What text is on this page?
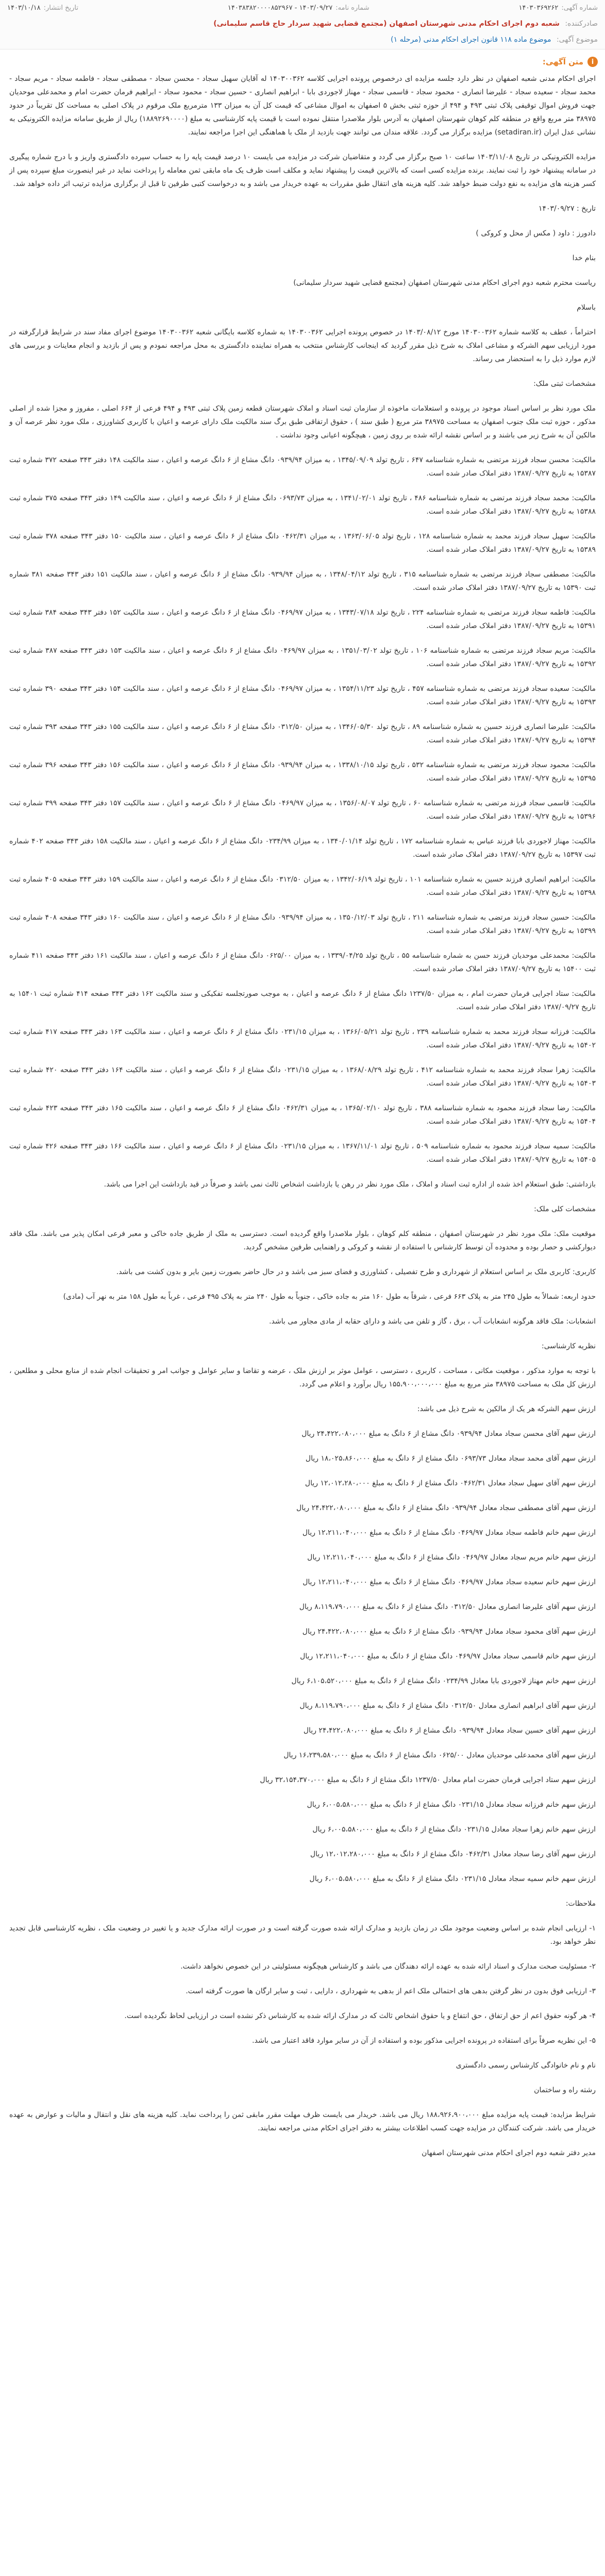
شماره آگهی:
۱۴۰۳۰۳۶۹۲۶۲
شماره نامه:
۱۴۰۳/۰۹/۲۷ - ۱۴۰۳۸۳۸۲۰۰۰۰۸۵۲۹۶۷
تاریخ انتشار:
۱۴۰۳/۱۰/۱۸
صادرکننده: شعبه دوم اجرای احکام مدنی شهرستان اصفهان (مجتمع قضایی شهید سردار حاج قاسم سلیمانی)
موضوع آگهی: موضوع ماده ۱۱۸ قانون اجرای احکام مدنی (مرحله ۱)
i
متن آگهی:

اجرای احکام مدنی شعبه اصفهان در نظر دارد جلسه مزایده ای درخصوص پرونده اجرایی کلاسه ۱۴۰۳۰۰۳۶۲ له آقایان سهیل سجاد - محسن سجاد - مصطفی سجاد - فاطمه سجاد - مریم سجاد - محمد سجاد - سعیده سجاد - علیرضا انصاری - محمود سجاد - قاسمی سجاد - مهناز لاجوردی بابا - ابراهیم انصاری - حسین سجاد - محمود سجاد - ابراهیم فرمان حضرت امام و محمدعلی موحدیان جهت فروش اموال توقیفی پلاک ثبتی ۴۹۳ و ۴۹۴ از حوزه ثبتی بخش ۵ اصفهان به اموال مشاعی که قیمت کل آن به میزان ۱۳۳ مترمربع ملک مرقوم در پلاک اصلی به مساحت کل تقریباً در حدود ۳۸۹۷۵ متر مربع واقع در منطقه کلم کوهان شهرستان اصفهان به آدرس بلوار ملاصدرا منتقل نموده است با قیمت پایه کارشناسی به مبلغ (۱۸۸۹۲۶۹۰۰۰۰) ریال از طریق سامانه مزایده الکترونیکی به نشانی عدل ایران (setadiran.ir) مزایده برگزار می گردد. علاقه مندان می توانند جهت بازدید از ملک با هماهنگی این اجرا مراجعه نمایند.

مزایده الکترونیکی در تاریخ ۱۴۰۳/۱۱/۰۸ ساعت ۱۰ صبح برگزار می گردد و متقاضیان شرکت در مزایده می بایست ۱۰ درصد قیمت پایه را به حساب سپرده دادگستری واریز و با درج شماره پیگیری در سامانه پیشنهاد خود را ثبت نمایند. برنده مزایده کسی است که بالاترین قیمت را پیشنهاد نماید و مکلف است ظرف یک ماه مابقی ثمن معامله را پرداخت نماید در غیر اینصورت مبلغ سپرده پس از کسر هزینه های مزایده به نفع دولت ضبط خواهد شد. کلیه هزینه های انتقال طبق مقررات به عهده خریدار می باشد و به درخواست کتبی طرفین تا قبل از برگزاری مزایده ترتیب اثر داده خواهد شد.

تاریخ : ۱۴۰۳/۰۹/۲۷

دادورز : داود ( مکس از محل و کروکی )

بنام خدا

ریاست محترم شعبه دوم اجرای احکام مدنی شهرستان اصفهان (مجتمع قضایی شهید سردار سلیمانی)

باسلام

احتراماً ، عطف به کلاسه شماره ۱۴۰۳۰۰۳۶۲ مورخ ۱۴۰۳/۰۸/۱۲ در خصوص پرونده اجرایی ۱۴۰۳۰۰۳۶۲ به شماره کلاسه بایگانی شعبه ۱۴۰۳۰۰۳۶۲ موضوع اجرای مفاد سند در شرایط قرارگرفته در مورد ارزیابی سهم الشرکه و مشاعی املاک به شرح ذیل مقرر گردید که اینجانب کارشناس منتخب به همراه نماینده دادگستری به محل مراجعه نمودم و پس از بازدید و انجام معاینات و بررسی های لازم موارد ذیل را به استحضار می رساند.

مشخصات ثبتی ملک:

ملک مورد نظر بر اساس اسناد موجود در پرونده و استعلامات ماخوذه از سازمان ثبت اسناد و املاک شهرستان قطعه زمین پلاک ثبتی ۴۹۳ و ۴۹۴ فرعی از ۶۶۴ اصلی ، مفروز و مجزا شده از اصلی مذکور ، حوزه ثبت ملک جنوب اصفهان به مساحت ۳۸۹۷۵ متر مربع ( طبق سند ) ، حقوق ارتفاقی طبق برگ سند مالکیت ملک دارای عرصه و اعیان با کاربری کشاورزی ، ملک مورد نظر عرصه آن و مالکین آن به شرح زیر می باشند و بر اساس نقشه ارائه شده بر روی زمین ، هیچگونه اعیانی وجود نداشت .

مالکیت: محسن سجاد فرزند مرتضی به شماره شناسنامه ۶۴۷ ، تاریخ تولد ۱۳۴۵/۰۹/۰۹ ، به میزان ۰۹۳۹/۹۴ دانگ مشاع از ۶ دانگ عرصه و اعیان ، سند مالکیت ۱۴۸ دفتر ۳۴۳ صفحه ۳۷۲ شماره ثبت ۱۵۳۸۷ به تاریخ ۱۳۸۷/۰۹/۲۷ دفتر املاک صادر شده است.

مالکیت: محمد سجاد فرزند مرتضی به شماره شناسنامه ۴۸۶ ، تاریخ تولد ۱۳۴۱/۰۲/۰۱ ، به میزان ۰۶۹۳/۷۳ دانگ مشاع از ۶ دانگ عرصه و اعیان ، سند مالکیت ۱۴۹ دفتر ۳۴۳ صفحه ۳۷۵ شماره ثبت ۱۵۳۸۸ به تاریخ ۱۳۸۷/۰۹/۲۷ دفتر املاک صادر شده است.

مالکیت: سهیل سجاد فرزند محمد به شماره شناسنامه ۱۲۸ ، تاریخ تولد ۱۳۶۳/۰۶/۰۵ ، به میزان ۰۴۶۲/۳۱ دانگ مشاع از ۶ دانگ عرصه و اعیان ، سند مالکیت ۱۵۰ دفتر ۳۴۳ صفحه ۳۷۸ شماره ثبت ۱۵۳۸۹ به تاریخ ۱۳۸۷/۰۹/۲۷ دفتر املاک صادر شده است.

مالکیت: مصطفی سجاد فرزند مرتضی به شماره شناسنامه ۳۱۵ ، تاریخ تولد ۱۳۴۸/۰۴/۱۲ ، به میزان ۰۹۳۹/۹۴ دانگ مشاع از ۶ دانگ عرصه و اعیان ، سند مالکیت ۱۵۱ دفتر ۳۴۳ صفحه ۳۸۱ شماره ثبت ۱۵۳۹۰ به تاریخ ۱۳۸۷/۰۹/۲۷ دفتر املاک صادر شده است.

مالکیت: فاطمه سجاد فرزند مرتضی به شماره شناسنامه ۲۲۴ ، تاریخ تولد ۱۳۴۳/۰۷/۱۸ ، به میزان ۰۴۶۹/۹۷ دانگ مشاع از ۶ دانگ عرصه و اعیان ، سند مالکیت ۱۵۲ دفتر ۳۴۳ صفحه ۳۸۴ شماره ثبت ۱۵۳۹۱ به تاریخ ۱۳۸۷/۰۹/۲۷ دفتر املاک صادر شده است.

مالکیت: مریم سجاد فرزند مرتضی به شماره شناسنامه ۱۰۶ ، تاریخ تولد ۱۳۵۱/۰۳/۰۲ ، به میزان ۰۴۶۹/۹۷ دانگ مشاع از ۶ دانگ عرصه و اعیان ، سند مالکیت ۱۵۳ دفتر ۳۴۳ صفحه ۳۸۷ شماره ثبت ۱۵۳۹۲ به تاریخ ۱۳۸۷/۰۹/۲۷ دفتر املاک صادر شده است.

مالکیت: سعیده سجاد فرزند مرتضی به شماره شناسنامه ۴۵۷ ، تاریخ تولد ۱۳۵۴/۱۱/۲۳ ، به میزان ۰۴۶۹/۹۷ دانگ مشاع از ۶ دانگ عرصه و اعیان ، سند مالکیت ۱۵۴ دفتر ۳۴۳ صفحه ۳۹۰ شماره ثبت ۱۵۳۹۳ به تاریخ ۱۳۸۷/۰۹/۲۷ دفتر املاک صادر شده است.

مالکیت: علیرضا انصاری فرزند حسین به شماره شناسنامه ۸۹ ، تاریخ تولد ۱۳۴۶/۰۵/۳۰ ، به میزان ۰۳۱۲/۵۰ دانگ مشاع از ۶ دانگ عرصه و اعیان ، سند مالکیت ۱۵۵ دفتر ۳۴۳ صفحه ۳۹۳ شماره ثبت ۱۵۳۹۴ به تاریخ ۱۳۸۷/۰۹/۲۷ دفتر املاک صادر شده است.

مالکیت: محمود سجاد فرزند مرتضی به شماره شناسنامه ۵۳۲ ، تاریخ تولد ۱۳۳۸/۱۰/۱۵ ، به میزان ۰۹۳۹/۹۴ دانگ مشاع از ۶ دانگ عرصه و اعیان ، سند مالکیت ۱۵۶ دفتر ۳۴۳ صفحه ۳۹۶ شماره ثبت ۱۵۳۹۵ به تاریخ ۱۳۸۷/۰۹/۲۷ دفتر املاک صادر شده است.

مالکیت: قاسمی سجاد فرزند مرتضی به شماره شناسنامه ۶۰ ، تاریخ تولد ۱۳۵۶/۰۸/۰۷ ، به میزان ۰۴۶۹/۹۷ دانگ مشاع از ۶ دانگ عرصه و اعیان ، سند مالکیت ۱۵۷ دفتر ۳۴۳ صفحه ۳۹۹ شماره ثبت ۱۵۳۹۶ به تاریخ ۱۳۸۷/۰۹/۲۷ دفتر املاک صادر شده است.

مالکیت: مهناز لاجوردی بابا فرزند عباس به شماره شناسنامه ۱۷۲ ، تاریخ تولد ۱۳۴۰/۰۱/۱۴ ، به میزان ۰۲۳۴/۹۹ دانگ مشاع از ۶ دانگ عرصه و اعیان ، سند مالکیت ۱۵۸ دفتر ۳۴۳ صفحه ۴۰۲ شماره ثبت ۱۵۳۹۷ به تاریخ ۱۳۸۷/۰۹/۲۷ دفتر املاک صادر شده است.

مالکیت: ابراهیم انصاری فرزند حسین به شماره شناسنامه ۱۰۱ ، تاریخ تولد ۱۳۴۲/۰۶/۱۹ ، به میزان ۰۳۱۲/۵۰ دانگ مشاع از ۶ دانگ عرصه و اعیان ، سند مالکیت ۱۵۹ دفتر ۳۴۳ صفحه ۴۰۵ شماره ثبت ۱۵۳۹۸ به تاریخ ۱۳۸۷/۰۹/۲۷ دفتر املاک صادر شده است.

مالکیت: حسین سجاد فرزند مرتضی به شماره شناسنامه ۲۱۱ ، تاریخ تولد ۱۳۵۰/۱۲/۰۳ ، به میزان ۰۹۳۹/۹۴ دانگ مشاع از ۶ دانگ عرصه و اعیان ، سند مالکیت ۱۶۰ دفتر ۳۴۳ صفحه ۴۰۸ شماره ثبت ۱۵۳۹۹ به تاریخ ۱۳۸۷/۰۹/۲۷ دفتر املاک صادر شده است.

مالکیت: محمدعلی موحدیان فرزند حسن به شماره شناسنامه ۵۵ ، تاریخ تولد ۱۳۳۹/۰۴/۲۵ ، به میزان ۰۶۲۵/۰۰ دانگ مشاع از ۶ دانگ عرصه و اعیان ، سند مالکیت ۱۶۱ دفتر ۳۴۳ صفحه ۴۱۱ شماره ثبت ۱۵۴۰۰ به تاریخ ۱۳۸۷/۰۹/۲۷ دفتر املاک صادر شده است.

مالکیت: ستاد اجرایی فرمان حضرت امام ، به میزان ۱۲۳۷/۵۰ دانگ مشاع از ۶ دانگ عرصه و اعیان ، به موجب صورتجلسه تفکیکی و سند مالکیت ۱۶۲ دفتر ۳۴۳ صفحه ۴۱۴ شماره ثبت ۱۵۴۰۱ به تاریخ ۱۳۸۷/۰۹/۲۷ دفتر املاک صادر شده است.

مالکیت: فرزانه سجاد فرزند محمد به شماره شناسنامه ۲۳۹ ، تاریخ تولد ۱۳۶۶/۰۵/۲۱ ، به میزان ۰۲۳۱/۱۵ دانگ مشاع از ۶ دانگ عرصه و اعیان ، سند مالکیت ۱۶۳ دفتر ۳۴۳ صفحه ۴۱۷ شماره ثبت ۱۵۴۰۲ به تاریخ ۱۳۸۷/۰۹/۲۷ دفتر املاک صادر شده است.

مالکیت: زهرا سجاد فرزند محمد به شماره شناسنامه ۴۱۲ ، تاریخ تولد ۱۳۶۸/۰۸/۲۹ ، به میزان ۰۲۳۱/۱۵ دانگ مشاع از ۶ دانگ عرصه و اعیان ، سند مالکیت ۱۶۴ دفتر ۳۴۳ صفحه ۴۲۰ شماره ثبت ۱۵۴۰۳ به تاریخ ۱۳۸۷/۰۹/۲۷ دفتر املاک صادر شده است.

مالکیت: رضا سجاد فرزند محمود به شماره شناسنامه ۳۸۸ ، تاریخ تولد ۱۳۶۵/۰۲/۱۰ ، به میزان ۰۴۶۲/۳۱ دانگ مشاع از ۶ دانگ عرصه و اعیان ، سند مالکیت ۱۶۵ دفتر ۳۴۳ صفحه ۴۲۳ شماره ثبت ۱۵۴۰۴ به تاریخ ۱۳۸۷/۰۹/۲۷ دفتر املاک صادر شده است.

مالکیت: سمیه سجاد فرزند محمود به شماره شناسنامه ۵۰۹ ، تاریخ تولد ۱۳۶۷/۱۱/۰۱ ، به میزان ۰۲۳۱/۱۵ دانگ مشاع از ۶ دانگ عرصه و اعیان ، سند مالکیت ۱۶۶ دفتر ۳۴۳ صفحه ۴۲۶ شماره ثبت ۱۵۴۰۵ به تاریخ ۱۳۸۷/۰۹/۲۷ دفتر املاک صادر شده است.

بازداشتی: طبق استعلام اخذ شده از اداره ثبت اسناد و املاک ، ملک مورد نظر در رهن یا بازداشت اشخاص ثالث نمی باشد و صرفاً در قید بازداشت این اجرا می باشد.

مشخصات کلی ملک:

موقعیت ملک: ملک مورد نظر در شهرستان اصفهان ، منطقه کلم کوهان ، بلوار ملاصدرا واقع گردیده است. دسترسی به ملک از طریق جاده خاکی و معبر فرعی امکان پذیر می باشد. ملک فاقد دیوارکشی و حصار بوده و محدوده آن توسط کارشناس با استفاده از نقشه و کروکی و راهنمایی طرفین مشخص گردید.

کاربری: کاربری ملک بر اساس استعلام از شهرداری و طرح تفصیلی ، کشاورزی و فضای سبز می باشد و در حال حاضر بصورت زمین بایر و بدون کشت می باشد.

حدود اربعه: شمالاً به طول ۲۴۵ متر به پلاک ۶۶۳ فرعی ، شرقاً به طول ۱۶۰ متر به جاده خاکی ، جنوباً به طول ۲۴۰ متر به پلاک ۴۹۵ فرعی ، غرباً به طول ۱۵۸ متر به نهر آب (مادی)

انشعابات: ملک فاقد هرگونه انشعابات آب ، برق ، گاز و تلفن می باشد و دارای حقابه از مادی مجاور می باشد.

نظریه کارشناسی:

با توجه به موارد مذکور ، موقعیت مکانی ، مساحت ، کاربری ، دسترسی ، عوامل موثر بر ارزش ملک ، عرضه و تقاضا و سایر عوامل و جوانب امر و تحقیقات انجام شده از منابع محلی و مطلعین ، ارزش کل ملک به مساحت ۳۸۹۷۵ متر مربع به مبلغ ۱۵۵،۹۰۰،۰۰۰،۰۰۰ ریال برآورد و اعلام می گردد.

ارزش سهم الشرکه هر یک از مالکین به شرح ذیل می باشد:

ارزش سهم آقای محسن سجاد معادل ۰۹۳۹/۹۴ دانگ مشاع از ۶ دانگ به مبلغ ۲۴،۴۲۲،۰۸۰،۰۰۰ ریال

ارزش سهم آقای محمد سجاد معادل ۰۶۹۳/۷۳ دانگ مشاع از ۶ دانگ به مبلغ ۱۸،۰۲۵،۸۶۰،۰۰۰ ریال

ارزش سهم آقای سهیل سجاد معادل ۰۴۶۲/۳۱ دانگ مشاع از ۶ دانگ به مبلغ ۱۲،۰۱۲،۲۸۰،۰۰۰ ریال

ارزش سهم آقای مصطفی سجاد معادل ۰۹۳۹/۹۴ دانگ مشاع از ۶ دانگ به مبلغ ۲۴،۴۲۲،۰۸۰،۰۰۰ ریال

ارزش سهم خانم فاطمه سجاد معادل ۰۴۶۹/۹۷ دانگ مشاع از ۶ دانگ به مبلغ ۱۲،۲۱۱،۰۴۰،۰۰۰ ریال

ارزش سهم خانم مریم سجاد معادل ۰۴۶۹/۹۷ دانگ مشاع از ۶ دانگ به مبلغ ۱۲،۲۱۱،۰۴۰،۰۰۰ ریال

ارزش سهم خانم سعیده سجاد معادل ۰۴۶۹/۹۷ دانگ مشاع از ۶ دانگ به مبلغ ۱۲،۲۱۱،۰۴۰،۰۰۰ ریال

ارزش سهم آقای علیرضا انصاری معادل ۰۳۱۲/۵۰ دانگ مشاع از ۶ دانگ به مبلغ ۸،۱۱۹،۷۹۰،۰۰۰ ریال

ارزش سهم آقای محمود سجاد معادل ۰۹۳۹/۹۴ دانگ مشاع از ۶ دانگ به مبلغ ۲۴،۴۲۲،۰۸۰،۰۰۰ ریال

ارزش سهم خانم قاسمی سجاد معادل ۰۴۶۹/۹۷ دانگ مشاع از ۶ دانگ به مبلغ ۱۲،۲۱۱،۰۴۰،۰۰۰ ریال

ارزش سهم خانم مهناز لاجوردی بابا معادل ۰۲۳۴/۹۹ دانگ مشاع از ۶ دانگ به مبلغ ۶،۱۰۵،۵۲۰،۰۰۰ ریال

ارزش سهم آقای ابراهیم انصاری معادل ۰۳۱۲/۵۰ دانگ مشاع از ۶ دانگ به مبلغ ۸،۱۱۹،۷۹۰،۰۰۰ ریال

ارزش سهم آقای حسین سجاد معادل ۰۹۳۹/۹۴ دانگ مشاع از ۶ دانگ به مبلغ ۲۴،۴۲۲،۰۸۰،۰۰۰ ریال

ارزش سهم آقای محمدعلی موحدیان معادل ۰۶۲۵/۰۰ دانگ مشاع از ۶ دانگ به مبلغ ۱۶،۲۳۹،۵۸۰،۰۰۰ ریال

ارزش سهم ستاد اجرایی فرمان حضرت امام معادل ۱۲۳۷/۵۰ دانگ مشاع از ۶ دانگ به مبلغ ۳۲،۱۵۴،۳۷۰،۰۰۰ ریال

ارزش سهم خانم فرزانه سجاد معادل ۰۲۳۱/۱۵ دانگ مشاع از ۶ دانگ به مبلغ ۶،۰۰۵،۵۸۰،۰۰۰ ریال

ارزش سهم خانم زهرا سجاد معادل ۰۲۳۱/۱۵ دانگ مشاع از ۶ دانگ به مبلغ ۶،۰۰۵،۵۸۰،۰۰۰ ریال

ارزش سهم آقای رضا سجاد معادل ۰۴۶۲/۳۱ دانگ مشاع از ۶ دانگ به مبلغ ۱۲،۰۱۲،۲۸۰،۰۰۰ ریال

ارزش سهم خانم سمیه سجاد معادل ۰۲۳۱/۱۵ دانگ مشاع از ۶ دانگ به مبلغ ۶،۰۰۵،۵۸۰،۰۰۰ ریال

ملاحظات:

۱- ارزیابی انجام شده بر اساس وضعیت موجود ملک در زمان بازدید و مدارک ارائه شده صورت گرفته است و در صورت ارائه مدارک جدید و یا تغییر در وضعیت ملک ، نظریه کارشناسی قابل تجدید نظر خواهد بود.

۲- مسئولیت صحت مدارک و اسناد ارائه شده به عهده ارائه دهندگان می باشد و کارشناس هیچگونه مسئولیتی در این خصوص نخواهد داشت.

۳- ارزیابی فوق بدون در نظر گرفتن بدهی های احتمالی ملک اعم از بدهی به شهرداری ، دارایی ، ثبت و سایر ارگان ها صورت گرفته است.

۴- هر گونه حقوق اعم از حق ارتفاق ، حق انتفاع و یا حقوق اشخاص ثالث که در مدارک ارائه شده به کارشناس ذکر نشده است در ارزیابی لحاظ نگردیده است.

۵- این نظریه صرفاً برای استفاده در پرونده اجرایی مذکور بوده و استفاده از آن در سایر موارد فاقد اعتبار می باشد.

نام و نام خانوادگی کارشناس رسمی دادگستری

رشته راه و ساختمان

شرایط مزایده: قیمت پایه مزایده مبلغ ۱۸۸،۹۲۶،۹۰۰،۰۰۰ ریال می باشد. خریدار می بایست ظرف مهلت مقرر مابقی ثمن را پرداخت نماید. کلیه هزینه های نقل و انتقال و مالیات و عوارض به عهده خریدار می باشد. شرکت کنندگان در مزایده جهت کسب اطلاعات بیشتر به دفتر اجرای احکام مدنی مراجعه نمایند.

مدیر دفتر شعبه دوم اجرای احکام مدنی شهرستان اصفهان
